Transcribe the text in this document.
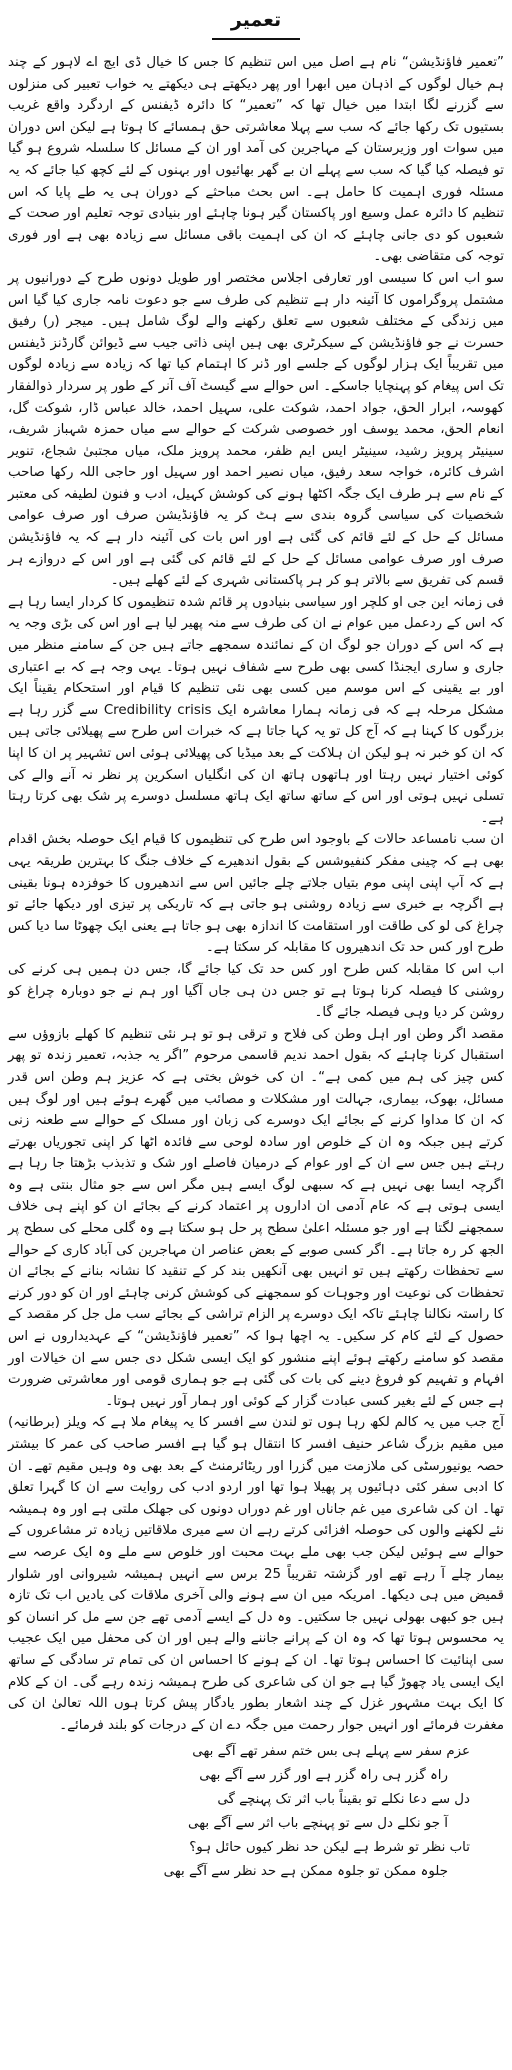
تعمیر

”تعمیر فاؤنڈیشن“ نام ہے اصل میں اس تنظیم کا جس کا خیال ڈی ایچ اے لاہور کے چند ہم خیال لوگوں کے اذہان میں ابھرا اور پھر دیکھتے ہی دیکھتے یہ خواب تعبیر کی منزلوں سے گزرنے لگا ابتدا میں خیال تھا کہ ”تعمیر“ کا دائرہ ڈیفنس کے اردگرد واقع غریب بستیوں تک رکھا جائے کہ سب سے پہلا معاشرتی حق ہمسائے کا ہوتا ہے لیکن اس دوران میں سوات اور وزیرستان کے مہاجرین کی آمد اور ان کے مسائل کا سلسلہ شروع ہو گیا تو فیصلہ کیا گیا کہ سب سے پہلے ان بے گھر بھائیوں اور بہنوں کے لئے کچھ کیا جائے کہ یہ مسئلہ فوری اہمیت کا حامل ہے۔ اس بحث مباحثے کے دوران ہی یہ طے پایا کہ اس تنظیم کا دائرہ عمل وسیع اور پاکستان گیر ہونا چاہئے اور بنیادی توجہ تعلیم اور صحت کے شعبوں کو دی جانی چاہئے کہ ان کی اہمیت باقی مسائل سے زیادہ بھی ہے اور فوری توجہ کی متقاضی بھی۔

سو اب اس کا سیسی اور تعارفی اجلاس مختصر اور طویل دونوں طرح کے دورانیوں پر مشتمل پروگراموں کا آئینہ دار ہے تنظیم کی طرف سے جو دعوت نامہ جاری کیا گیا اس میں زندگی کے مختلف شعبوں سے تعلق رکھنے والے لوگ شامل ہیں۔ میجر (ر) رفیق حسرت نے جو فاؤنڈیشن کے سیکرٹری بھی ہیں اپنی ذاتی جیب سے ڈیوائن گارڈنز ڈیفنس میں تقریباً ایک ہزار لوگوں کے جلسے اور ڈنر کا اہتمام کیا تھا کہ زیادہ سے زیادہ لوگوں تک اس پیغام کو پہنچایا جاسکے۔ اس حوالے سے گیسٹ آف آنر کے طور پر سردار ذوالفقار کھوسہ، ابرار الحق، جواد احمد، شوکت علی، سہیل احمد، خالد عباس ڈار، شوکت گل، انعام الحق، محمد یوسف اور خصوصی شرکت کے حوالے سے میاں حمزہ شہباز شریف، سینیٹر پرویز رشید، سینیٹر ایس ایم ظفر، محمد پرویز ملک، میاں مجتبیٰ شجاع، تنویر اشرف کائرہ، خواجہ سعد رفیق، میاں نصیر احمد اور سہیل اور حاجی اللہ رکھا صاحب کے نام سے ہر طرف ایک جگہ اکٹھا ہونے کی کوشش کہیل، ادب و فنون لطیفہ کی معتبر شخصیات کی سیاسی گروہ بندی سے ہٹ کر یہ فاؤنڈیشن صرف اور صرف عوامی مسائل کے حل کے لئے قائم کی گئی ہے اور اس بات کی آئینہ دار ہے کہ یہ فاؤنڈیشن صرف اور صرف عوامی مسائل کے حل کے لئے قائم کی گئی ہے اور اس کے دروازے ہر قسم کی تفریق سے بالاتر ہو کر ہر پاکستانی شہری کے لئے کھلے ہیں۔

فی زمانہ این جی او کلچر اور سیاسی بنیادوں پر قائم شدہ تنظیموں کا کردار ایسا رہا ہے کہ اس کے ردعمل میں عوام نے ان کی طرف سے منہ پھیر لیا ہے اور اس کی بڑی وجہ یہ ہے کہ اس کے دوران جو لوگ ان کے نمائندہ سمجھے جاتے ہیں جن کے سامنے منظر میں جاری و ساری ایجنڈا کسی بھی طرح سے شفاف نہیں ہوتا۔ یہی وجہ ہے کہ بے اعتباری اور بے یقینی کے اس موسم میں کسی بھی نئی تنظیم کا قیام اور استحکام یقیناً ایک مشکل مرحلہ ہے کہ فی زمانہ ہمارا معاشرہ ایک Credibility crisis سے گزر رہا ہے بزرگوں کا کہنا ہے کہ آج کل تو یہ کہا جاتا ہے کہ خبرات اس طرح سے پھیلائی جاتی ہیں کہ ان کو خبر نہ ہو لیکن ان ہلاکت کے بعد میڈیا کی پھیلائی ہوئی اس تشہیر پر ان کا اپنا کوئی اختیار نہیں رہتا اور ہاتھوں ہاتھ ان کی انگلیاں اسکرین پر نظر نہ آنے والے کی تسلی نہیں ہوتی اور اس کے ساتھ ساتھ ایک ہاتھ مسلسل دوسرے پر شک بھی کرتا رہتا ہے۔

ان سب نامساعد حالات کے باوجود اس طرح کی تنظیموں کا قیام ایک حوصلہ بخش اقدام بھی ہے کہ چینی مفکر کنفیوشس کے بقول اندھیرے کے خلاف جنگ کا بہترین طریقہ یہی ہے کہ آپ اپنی اپنی موم بتیاں جلاتے چلے جائیں اس سے اندھیروں کا خوفزدہ ہونا بقینی ہے اگرچہ بے خبری سے زیادہ روشنی ہو جاتی ہے کہ تاریکی پر تیزی اور دیکھا جائے تو چراغ کی لو کی طاقت اور استقامت کا اندازہ بھی ہو جاتا ہے یعنی ایک چھوٹا سا دیا کس طرح اور کس حد تک اندھیروں کا مقابلہ کر سکتا ہے۔

اب اس کا مقابلہ کس طرح اور کس حد تک کیا جائے گا، جس دن ہمیں ہی کرنے کی روشنی کا فیصلہ کرنا ہوتا ہے تو جس دن ہی جاں آگیا اور ہم نے جو دوبارہ چراغ کو روشن کر دیا وہی فیصلہ جائے گا۔

مقصد اگر وطن اور اہل وطن کی فلاح و ترقی ہو تو ہر نئی تنظیم کا کھلے بازوؤں سے استقبال کرنا چاہئے کہ بقول احمد ندیم قاسمی مرحوم ”اگر یہ جذبہ، تعمیر زندہ تو پھر کس چیز کی ہم میں کمی ہے“۔ ان کی خوش بختی ہے کہ عزیز ہم وطن اس قدر مسائل، بھوک، بیماری، جہالت اور مشکلات و مصائب میں گھرے ہوئے ہیں اور لوگ ہیں کہ ان کا مداوا کرنے کے بجائے ایک دوسرے کی زبان اور مسلک کے حوالے سے طعنہ زنی کرتے ہیں جبکہ وہ ان کے خلوص اور سادہ لوحی سے فائدہ اٹھا کر اپنی تجوریاں بھرتے رہتے ہیں جس سے ان کے اور عوام کے درمیان فاصلے اور شک و تذبذب بڑھتا جا رہا ہے اگرچہ ایسا بھی نہیں ہے کہ سبھی لوگ ایسے ہیں مگر اس سے جو مثال بنتی ہے وہ ایسی ہوتی ہے کہ عام آدمی ان اداروں پر اعتماد کرنے کے بجائے ان کو اپنے ہی خلاف سمجھنے لگتا ہے اور جو مسئلہ اعلیٰ سطح پر حل ہو سکتا ہے وہ گلی محلے کی سطح پر الجھ کر رہ جاتا ہے۔ اگر کسی صوبے کے بعض عناصر ان مہاجرین کی آباد کاری کے حوالے سے تحفظات رکھتے ہیں تو انہیں بھی آنکھیں بند کر کے تنقید کا نشانہ بنانے کے بجائے ان تحفظات کی نوعیت اور وجوہات کو سمجھنے کی کوشش کرنی چاہئے اور ان کو دور کرنے کا راستہ نکالنا چاہئے تاکہ ایک دوسرے پر الزام تراشی کے بجائے سب مل جل کر مقصد کے حصول کے لئے کام کر سکیں۔ یہ اچھا ہوا کہ ”تعمیر فاؤنڈیشن“ کے عہدیداروں نے اس مقصد کو سامنے رکھتے ہوئے اپنے منشور کو ایک ایسی شکل دی جس سے ان خیالات اور افہام و تفہیم کو فروغ دینے کی بات کی گئی ہے جو ہماری قومی اور معاشرتی ضرورت ہے جس کے لئے بغیر کسی عبادت گزار کے کوئی اور ہمار آور نہیں ہوتا۔

آج جب میں یہ کالم لکھ رہا ہوں تو لندن سے افسر کا یہ پیغام ملا ہے کہ ویلز (برطانیہ) میں مقیم بزرگ شاعر حنیف افسر کا انتقال ہو گیا ہے افسر صاحب کی عمر کا بیشتر حصہ یونیورسٹی کی ملازمت میں گزرا اور ریٹائرمنٹ کے بعد بھی وہ وہیں مقیم تھے۔ ان کا ادبی سفر کئی دہائیوں پر پھیلا ہوا تھا اور اردو ادب کی روایت سے ان کا گہرا تعلق تھا۔ ان کی شاعری میں غم جاناں اور غم دوراں دونوں کی جھلک ملتی ہے اور وہ ہمیشہ نئے لکھنے والوں کی حوصلہ افزائی کرتے رہے ان سے میری ملاقاتیں زیادہ تر مشاعروں کے حوالے سے ہوئیں لیکن جب بھی ملے بہت محبت اور خلوص سے ملے وہ ایک عرصہ سے بیمار چلے آ رہے تھے اور گزشتہ تقریباً 25 برس سے انہیں ہمیشہ شیروانی اور شلوار قمیض میں ہی دیکھا۔ امریکہ میں ان سے ہونے والی آخری ملاقات کی یادیں اب تک تازہ ہیں جو کبھی بھولی نہیں جا سکتیں۔ وہ دل کے ایسے آدمی تھے جن سے مل کر انسان کو یہ محسوس ہوتا تھا کہ وہ ان کے پرانے جاننے والے ہیں اور ان کی محفل میں ایک عجیب سی اپنائیت کا احساس ہوتا تھا۔ ان کے ہونے کا احساس ان کی تمام تر سادگی کے ساتھ ایک ایسی یاد چھوڑ گیا ہے جو ان کی شاعری کی طرح ہمیشہ زندہ رہے گی۔ ان کے کلام کا ایک بہت مشہور غزل کے چند اشعار بطور یادگار پیش کرتا ہوں اللہ تعالیٰ ان کی مغفرت فرمائے اور انہیں جوار رحمت میں جگہ دے ان کے درجات کو بلند فرمائے۔

عزم سفر سے پہلے ہی بس ختم سفر تھے آگے بھی
راہ گزر ہی راہ گزر ہے اور گزر سے آگے بھی
دل سے دعا نکلے تو بقیناً باب اثر تک پہنچے گی
آ جو نکلے دل سے تو پہنچے باب اثر سے آگے بھی
تاب نظر تو شرط ہے لیکن حد نظر کیوں حائل ہو؟
جلوہ ممکن تو جلوہ ممکن ہے حد نظر سے آگے بھی
